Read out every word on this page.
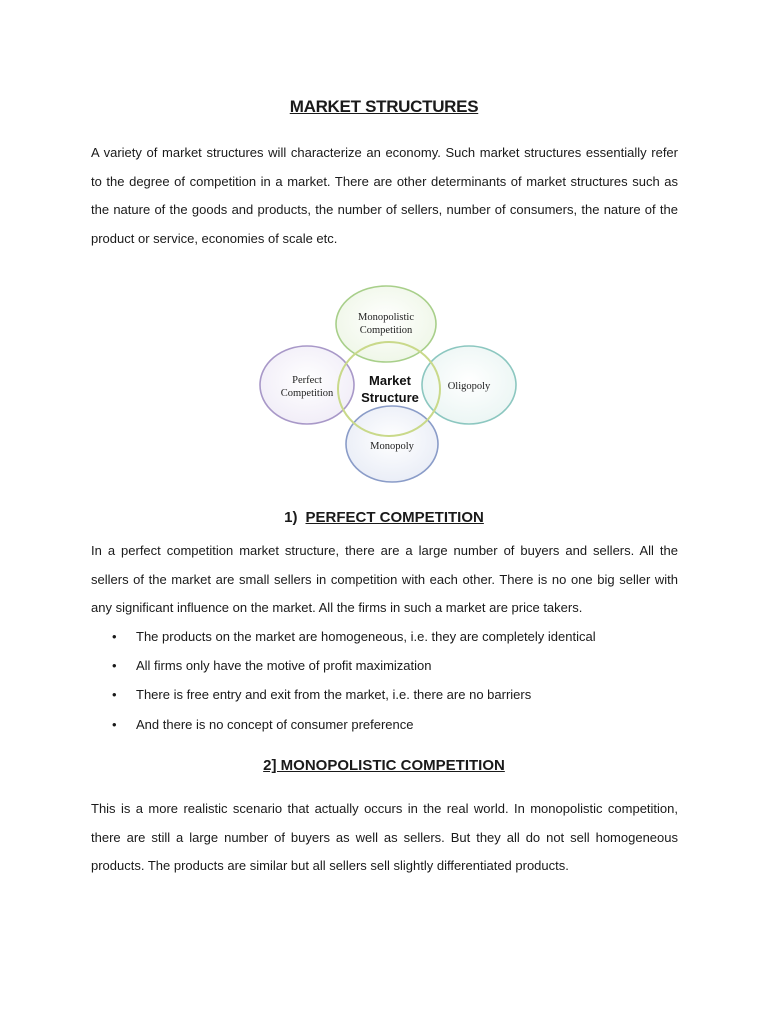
MARKET STRUCTURES

A variety of market structures will characterize an economy. Such market structures essentially refer to the degree of competition in a market. There are other determinants of market structures such as the nature of the goods and products, the number of sellers, number of consumers, the nature of the product or service, economies of scale etc.

Monopolistic
Competition
Perfect
Competition
Oligopoly
Monopoly
Market
Structure
1) PERFECT COMPETITION

In a perfect competition market structure, there are a large number of buyers and sellers. All the sellers of the market are small sellers in competition with each other. There is no one big seller with any significant influence on the market. All the firms in such a market are price takers.

• The products on the market are homogeneous, i.e. they are completely identical
• All firms only have the motive of profit maximization
• There is free entry and exit from the market, i.e. there are no barriers
• And there is no concept of consumer preference
2] MONOPOLISTIC COMPETITION

This is a more realistic scenario that actually occurs in the real world. In monopolistic competition, there are still a large number of buyers as well as sellers. But they all do not sell homogeneous products. The products are similar but all sellers sell slightly differentiated products.
